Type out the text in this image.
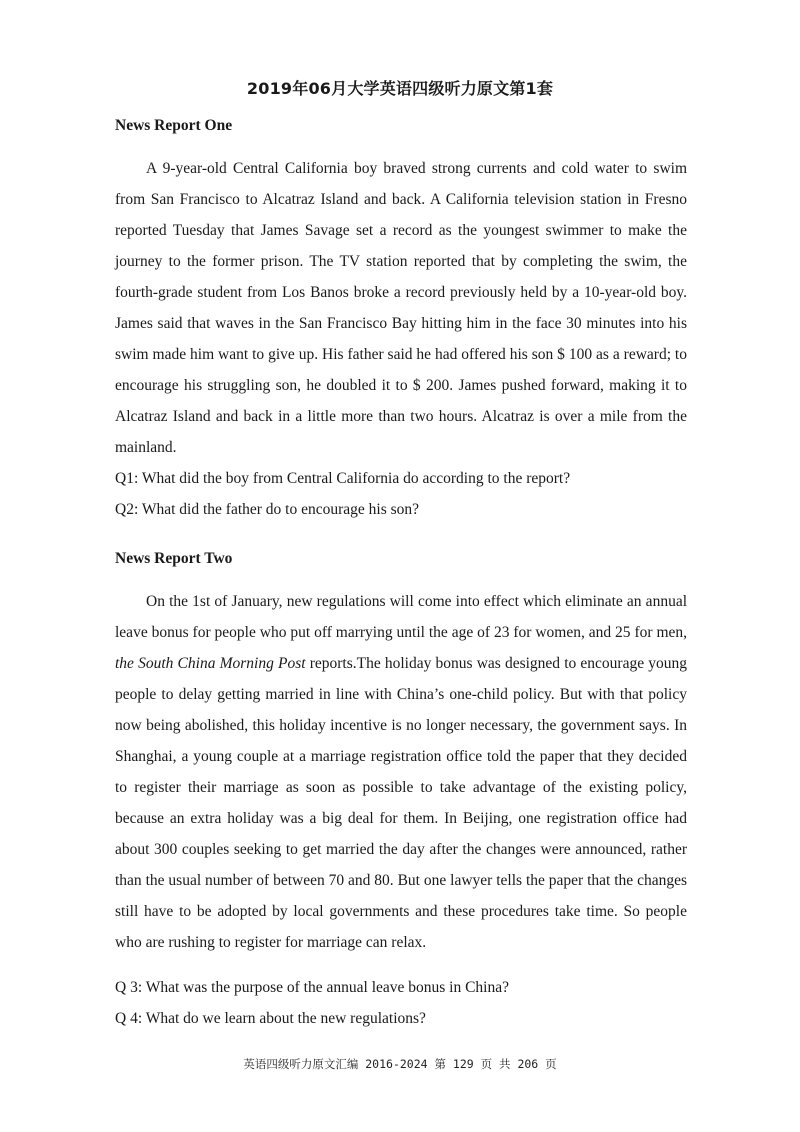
2019年06月大学英语四级听力原文第1套

News Report One

A 9-year-old Central California boy braved strong currents and cold water to swim from San Francisco to Alcatraz Island and back. A California television station in Fresno reported Tuesday that James Savage set a record as the youngest swimmer to make the journey to the former prison. The TV station reported that by completing the swim, the fourth-grade student from Los Banos broke a record previously held by a 10-year-old boy. James said that waves in the San Francisco Bay hitting him in the face 30 minutes into his swim made him want to give up. His father said he had offered his son $ 100 as a reward; to encourage his struggling son, he doubled it to $ 200. James pushed forward, making it to Alcatraz Island and back in a little more than two hours. Alcatraz is over a mile from the mainland.

Q1: What did the boy from Central California do according to the report?

Q2: What did the father do to encourage his son?

News Report Two

On the 1st of January, new regulations will come into effect which eliminate an annual leave bonus for people who put off marrying until the age of 23 for women, and 25 for men, the South China Morning Post reports.The holiday bonus was designed to encourage young people to delay getting married in line with China’s one-child policy. But with that policy now being abolished, this holiday incentive is no longer necessary, the government says. In Shanghai, a young couple at a marriage registration office told the paper that they decided to register their marriage as soon as possible to take advantage of the existing policy, because an extra holiday was a big deal for them. In Beijing, one registration office had about 300 couples seeking to get married the day after the changes were announced, rather than the usual number of between 70 and 80. But one lawyer tells the paper that the changes still have to be adopted by local governments and these procedures take time. So people who are rushing to register for marriage can relax.

Q 3: What was the purpose of the annual leave bonus in China?

Q 4: What do we learn about the new regulations?

英语四级听力原文汇编 2016-2024 第 129 页 共 206 页
